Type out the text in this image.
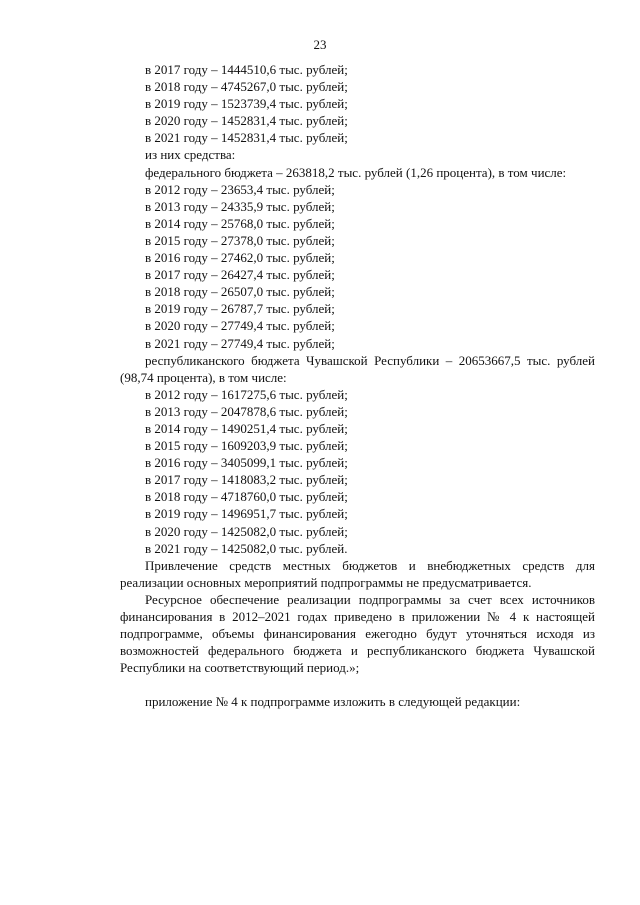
23
в 2017 году – 1444510,6 тыс. рублей;
в 2018 году – 4745267,0 тыс. рублей;
в 2019 году – 1523739,4 тыс. рублей;
в 2020 году – 1452831,4 тыс. рублей;
в 2021 году – 1452831,4 тыс. рублей;
из них средства:
федерального бюджета – 263818,2 тыс. рублей (1,26 процента), в том числе:
в 2012 году – 23653,4 тыс. рублей;
в 2013 году – 24335,9 тыс. рублей;
в 2014 году – 25768,0 тыс. рублей;
в 2015 году – 27378,0 тыс. рублей;
в 2016 году – 27462,0 тыс. рублей;
в 2017 году – 26427,4 тыс. рублей;
в 2018 году – 26507,0 тыс. рублей;
в 2019 году – 26787,7 тыс. рублей;
в 2020 году – 27749,4 тыс. рублей;
в 2021 году – 27749,4 тыс. рублей;
республиканского бюджета Чувашской Республики – 20653667,5 тыс. рублей (98,74 процента), в том числе:
в 2012 году – 1617275,6 тыс. рублей;
в 2013 году – 2047878,6 тыс. рублей;
в 2014 году – 1490251,4 тыс. рублей;
в 2015 году – 1609203,9 тыс. рублей;
в 2016 году – 3405099,1 тыс. рублей;
в 2017 году – 1418083,2 тыс. рублей;
в 2018 году – 4718760,0 тыс. рублей;
в 2019 году – 1496951,7 тыс. рублей;
в 2020 году – 1425082,0 тыс. рублей;
в 2021 году – 1425082,0 тыс. рублей.
Привлечение средств местных бюджетов и внебюджетных средств для реализации основных мероприятий подпрограммы не предусматривается.
Ресурсное обеспечение реализации подпрограммы за счет всех источников финансирования в 2012–2021 годах приведено в приложении № 4 к настоящей подпрограмме, объемы финансирования ежегодно будут уточняться исходя из возможностей федерального бюджета и республиканского бюджета Чувашской Республики на соответствующий период.»;
приложение № 4 к подпрограмме изложить в следующей редакции:
